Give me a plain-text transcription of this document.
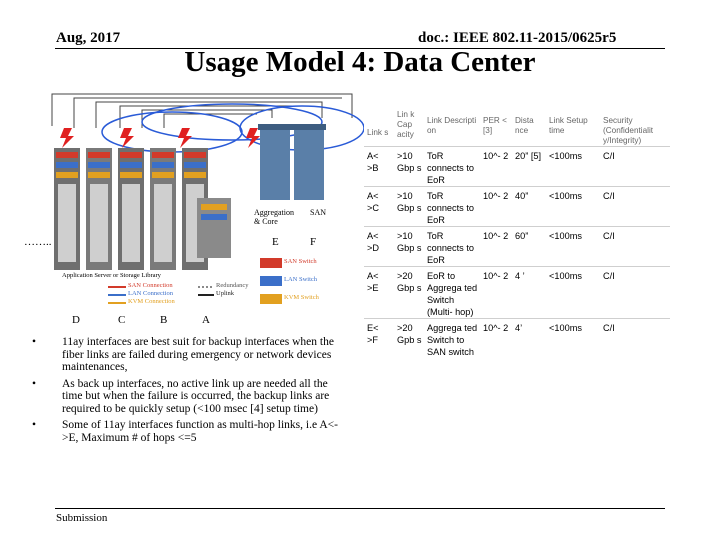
Aug, 2017	doc.: IEEE 802.11-2015/0625r5
Usage Model 4: Data Center
Aggregation & Core
SAN
……..	E	F
Application Server or Storage Library
SAN Switch
LAN Switch
KVM Switch
SAN Connection
LAN Connection
KVM Connection
Redundancy
Uplink
D	C	B	A
• 11ay interfaces are best suit for backup interfaces when the fiber links are failed during emergency or network devices maintenances,
• As back up interfaces, no active link up are needed all the time but when the failure is occurred, the backup links are required to be quickly setup (<100 msec [4] setup time)
• Some of 11ay interfaces function as multi-hop links, i.e A<->E, Maximum # of hops <=5
Link s	Lin k Cap acity	Link Descripti on	PER < [3]	Dista nce	Link Setup time	Security (Confidentialit y/Integrity)
A< >B	>10 Gbp s	ToR connects to EoR	10^- 2	20” [5]	<100ms	C/I
A< >C	>10 Gbp s	ToR connects to EoR	10^- 2	40”	<100ms	C/I
A< >D	>10 Gbp s	ToR connects to EoR	10^- 2	60”	<100ms	C/I
A< >E	>20 Gbp s	EoR to Aggrega ted Switch (Multi- hop)	10^- 2	4 ’	<100ms	C/I
E< >F	>20 Gpb s	Aggrega ted Switch to SAN switch	10^- 2	4’	<100ms	C/I
Submission
